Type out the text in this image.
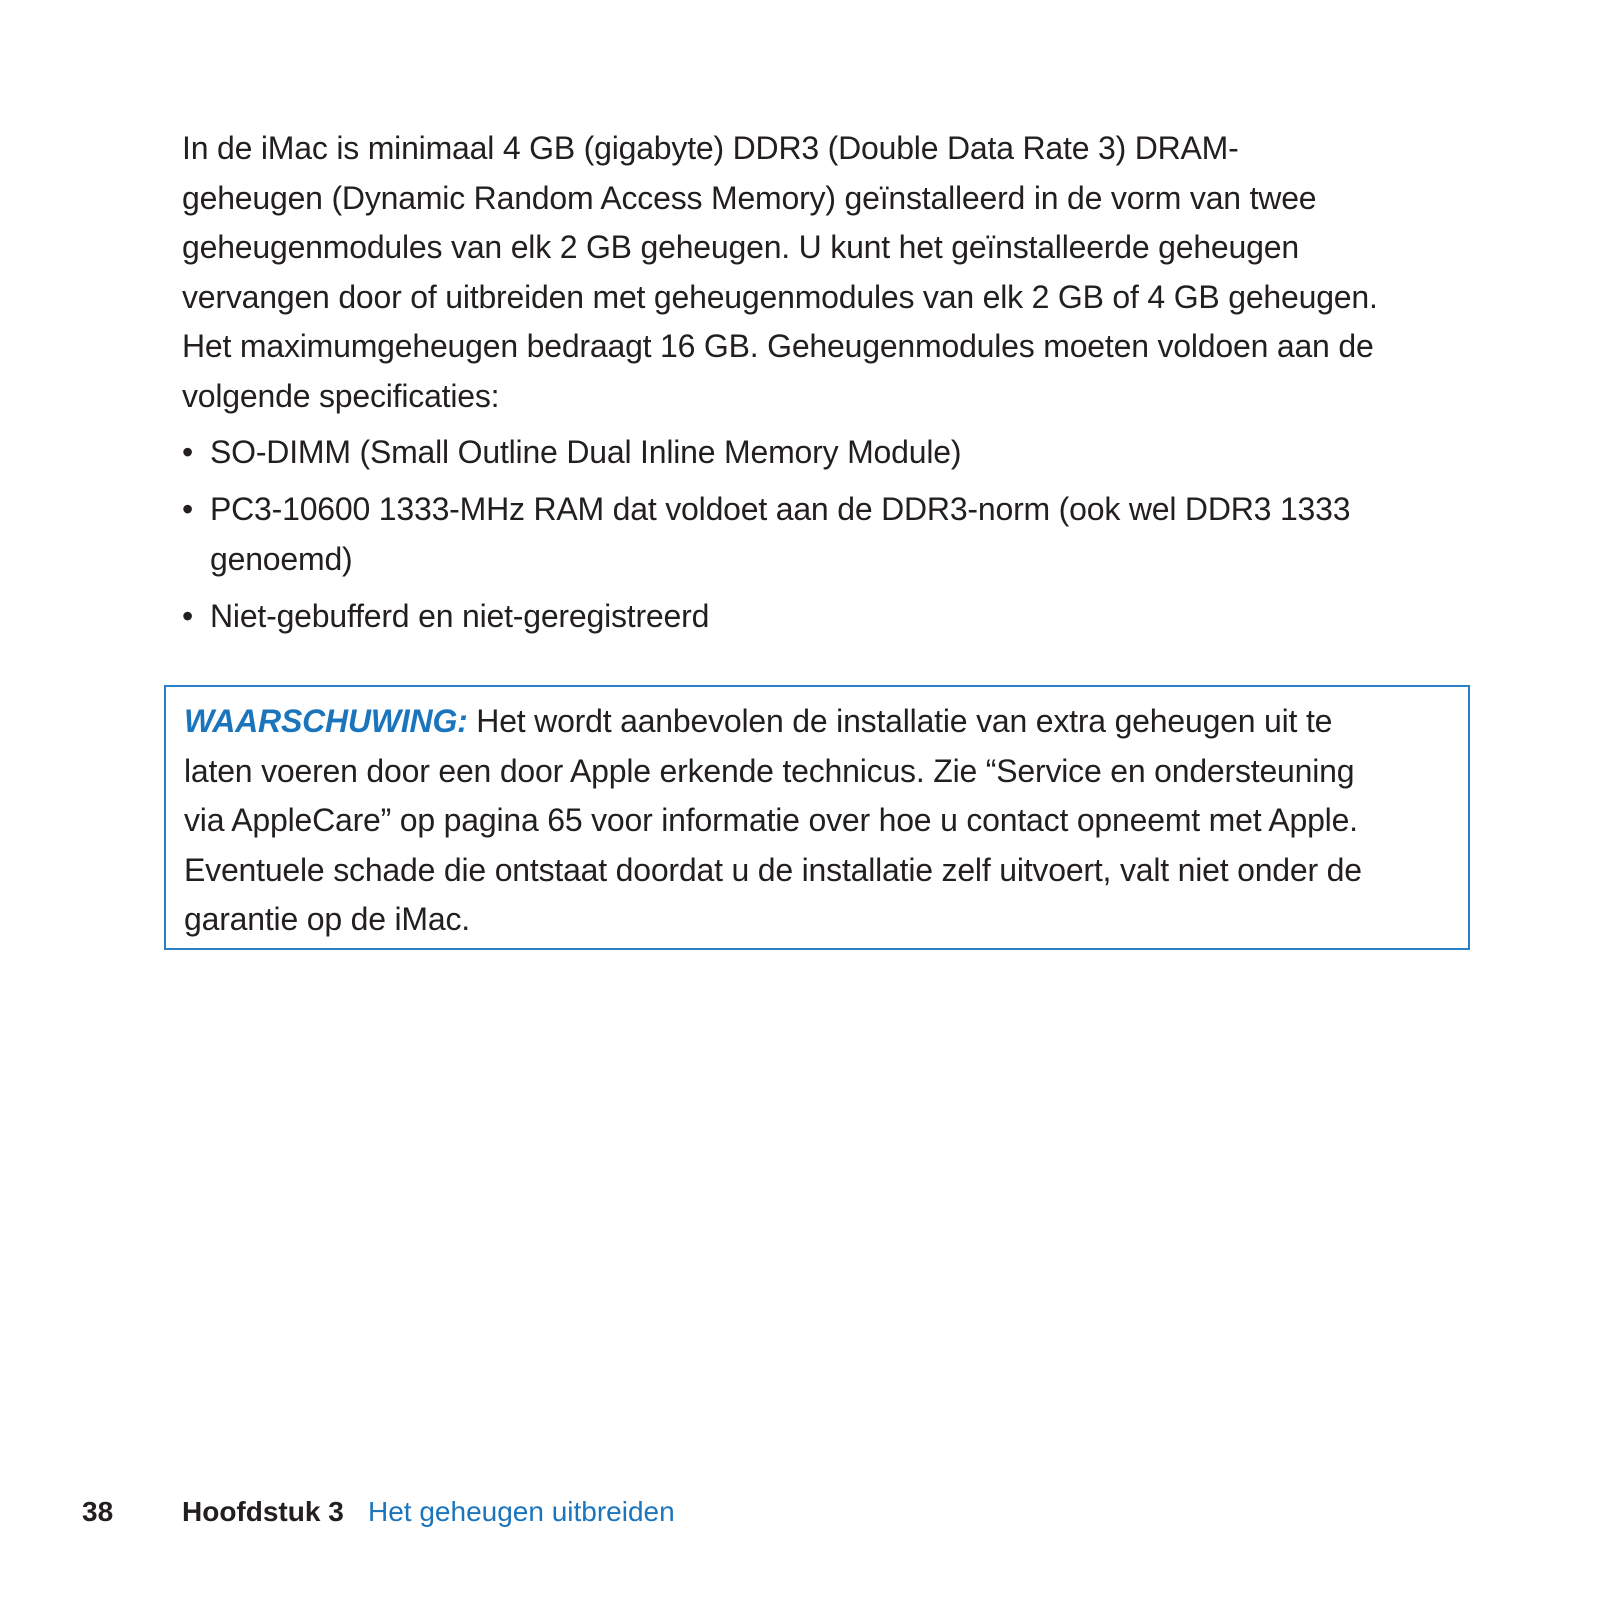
In de iMac is minimaal 4 GB (gigabyte) DDR3 (Double Data Rate 3) DRAM-
geheugen (Dynamic Random Access Memory) geïnstalleerd in de vorm van twee
geheugenmodules van elk 2 GB geheugen. U kunt het geïnstalleerde geheugen
vervangen door of uitbreiden met geheugenmodules van elk 2 GB of 4 GB geheugen.
Het maximumgeheugen bedraagt 16 GB. Geheugenmodules moeten voldoen aan de
volgende specificaties:

• SO-DIMM (Small Outline Dual Inline Memory Module)
• PC3-10600 1333-MHz RAM dat voldoet aan de DDR3-norm (ook wel DDR3 1333
genoemd)
• Niet-gebufferd en niet-geregistreerd
WAARSCHUWING: Het wordt aanbevolen de installatie van extra geheugen uit te
laten voeren door een door Apple erkende technicus. Zie “Service en ondersteuning
via AppleCare” op pagina 65 voor informatie over hoe u contact opneemt met Apple.
Eventuele schade die ontstaat doordat u de installatie zelf uitvoert, valt niet onder de
garantie op de iMac.
38 Hoofdstuk 3 Het geheugen uitbreiden
